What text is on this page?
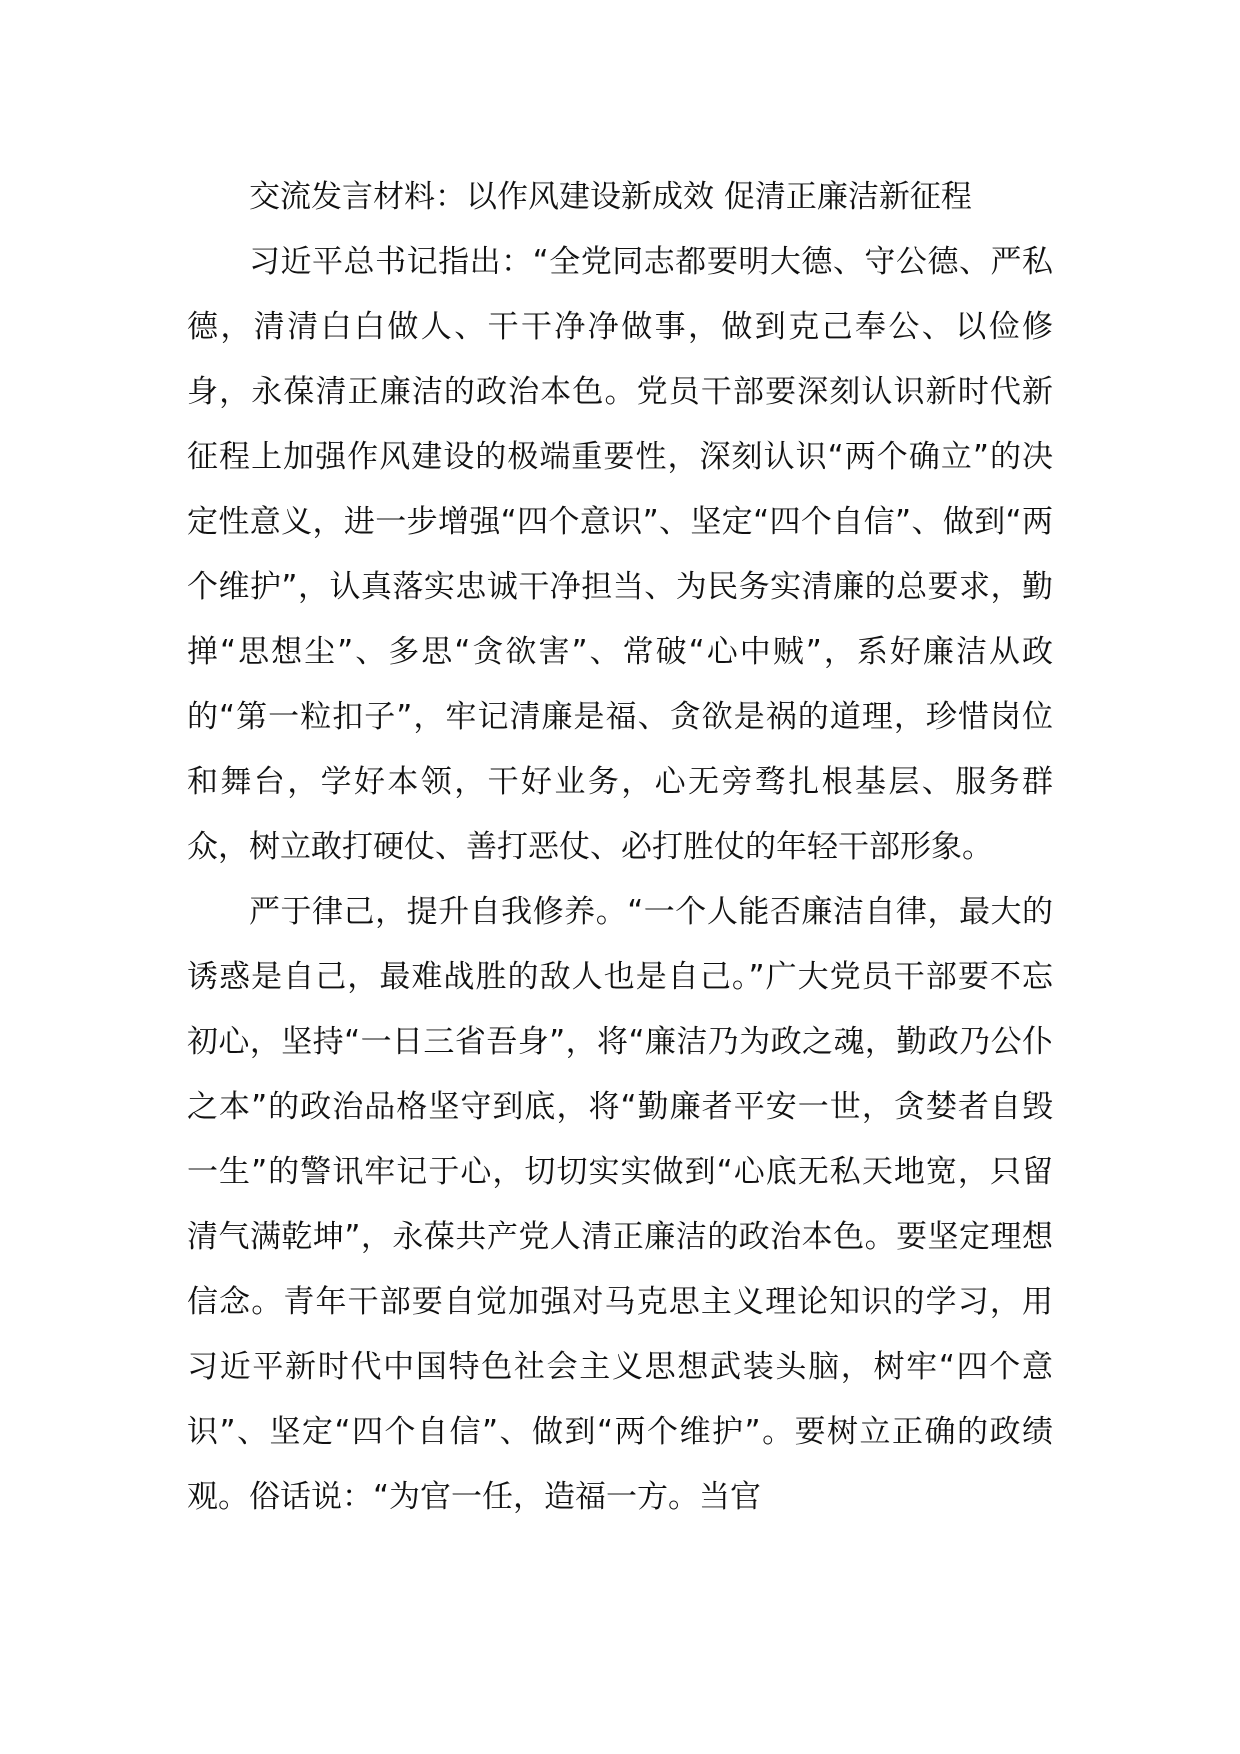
交流发言材料：以作风建设新成效 促清正廉洁新征程

习近平总书记指出：“全党同志都要明大德、守公德、严私德，清清白白做人、干干净净做事，做到克己奉公、以俭修身，永葆清正廉洁的政治本色。党员干部要深刻认识新时代新征程上加强作风建设的极端重要性，深刻认识“两个确立”的决定性意义，进一步增强“四个意识”、坚定“四个自信”、做到“两个维护”，认真落实忠诚干净担当、为民务实清廉的总要求，勤掸“思想尘”、多思“贪欲害”、常破“心中贼”，系好廉洁从政的“第一粒扣子”，牢记清廉是福、贪欲是祸的道理，珍惜岗位和舞台，学好本领，干好业务，心无旁骛扎根基层、服务群众，树立敢打硬仗、善打恶仗、必打胜仗的年轻干部形象。

严于律己，提升自我修养。“一个人能否廉洁自律，最大的诱惑是自己，最难战胜的敌人也是自己。”广大党员干部要不忘初心，坚持“一日三省吾身”，将“廉洁乃为政之魂，勤政乃公仆之本”的政治品格坚守到底，将“勤廉者平安一世，贪婪者自毁一生”的警讯牢记于心，切切实实做到“心底无私天地宽，只留清气满乾坤”，永葆共产党人清正廉洁的政治本色。要坚定理想信念。青年干部要自觉加强对马克思主义理论知识的学习，用习近平新时代中国特色社会主义思想武装头脑，树牢“四个意识”、坚定“四个自信”、做到“两个维护”。要树立正确的政绩观。俗话说：“为官一任，造福一方。当官
